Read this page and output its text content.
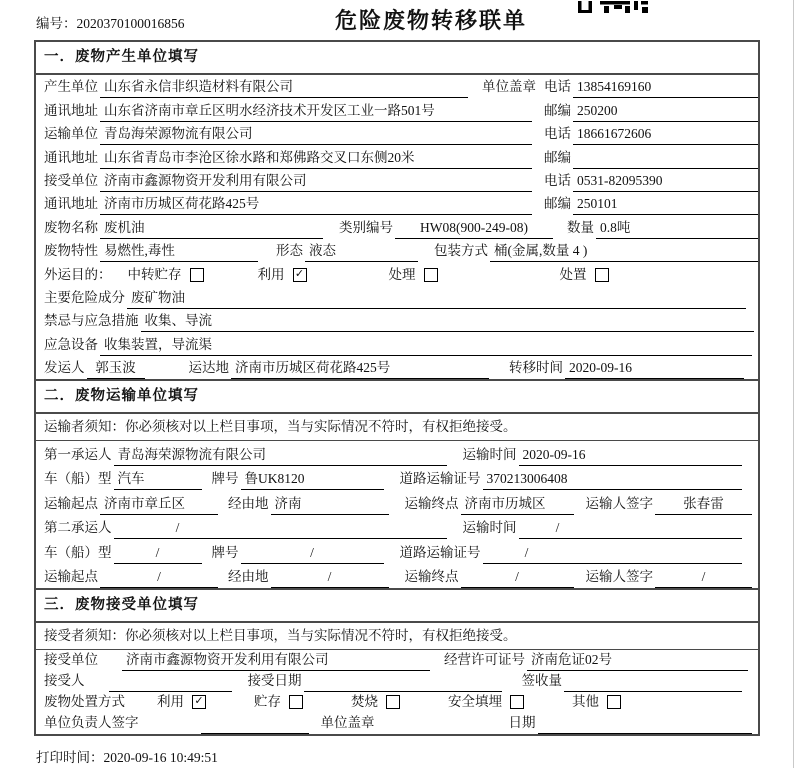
编号：2020370100016856	危险废物转移联单
一．废物产生单位填写
产生单位 山东省永信非织造材料有限公司	单位盖章 电话 13854169160
通讯地址 山东省济南市章丘区明水经济技术开发区工业一路501号	邮编 250200
运输单位 青岛海荣源物流有限公司	电话 18661672606
通讯地址 山东省青岛市李沧区徐水路和郑佛路交叉口东侧20米	邮编
接受单位 济南市鑫源物资开发利用有限公司	电话 0531-82095390
通讯地址 济南市历城区荷花路425号	邮编 250101
废物名称 废机油	类别编号	HW08(900-249-08)	数量 0.8吨
废物特性 易燃性,毒性	形态 液态	包装方式 桶(金属,数量 4 )
外运目的： 中转贮存	利用 ✓	处理	处置
主要危险成分 废矿物油
禁忌与应急措施 收集、导流
应急设备 收集装置，导流渠
发运人 郭玉波	运达地 济南市历城区荷花路425号	转移时间 2020-09-16
二．废物运输单位填写
运输者须知：你必须核对以上栏目事项，当与实际情况不符时，有权拒绝接受。
第一承运人 青岛海荣源物流有限公司	运输时间 2020-09-16
车（船）型 汽车	牌号 鲁UK8120	道路运输证号 370213006408
运输起点 济南市章丘区	经由地 济南	运输终点 济南市历城区	运输人签字	张春雷
第二承运人	/	运输时间	/
车（船）型	/	牌号	/	道路运输证号	/
运输起点	/	经由地	/	运输终点	/	运输人签字	/
三．废物接受单位填写
接受者须知：你必须核对以上栏目事项，当与实际情况不符时，有权拒绝接受。
接受单位 济南市鑫源物资开发利用有限公司	经营许可证号 济南危证02号
接受人	接受日期	签收量
废物处置方式 利用 ✓	贮存	焚烧	安全填埋	其他
单位负责人签字	单位盖章	日期
打印时间：2020-09-16 10:49:51
